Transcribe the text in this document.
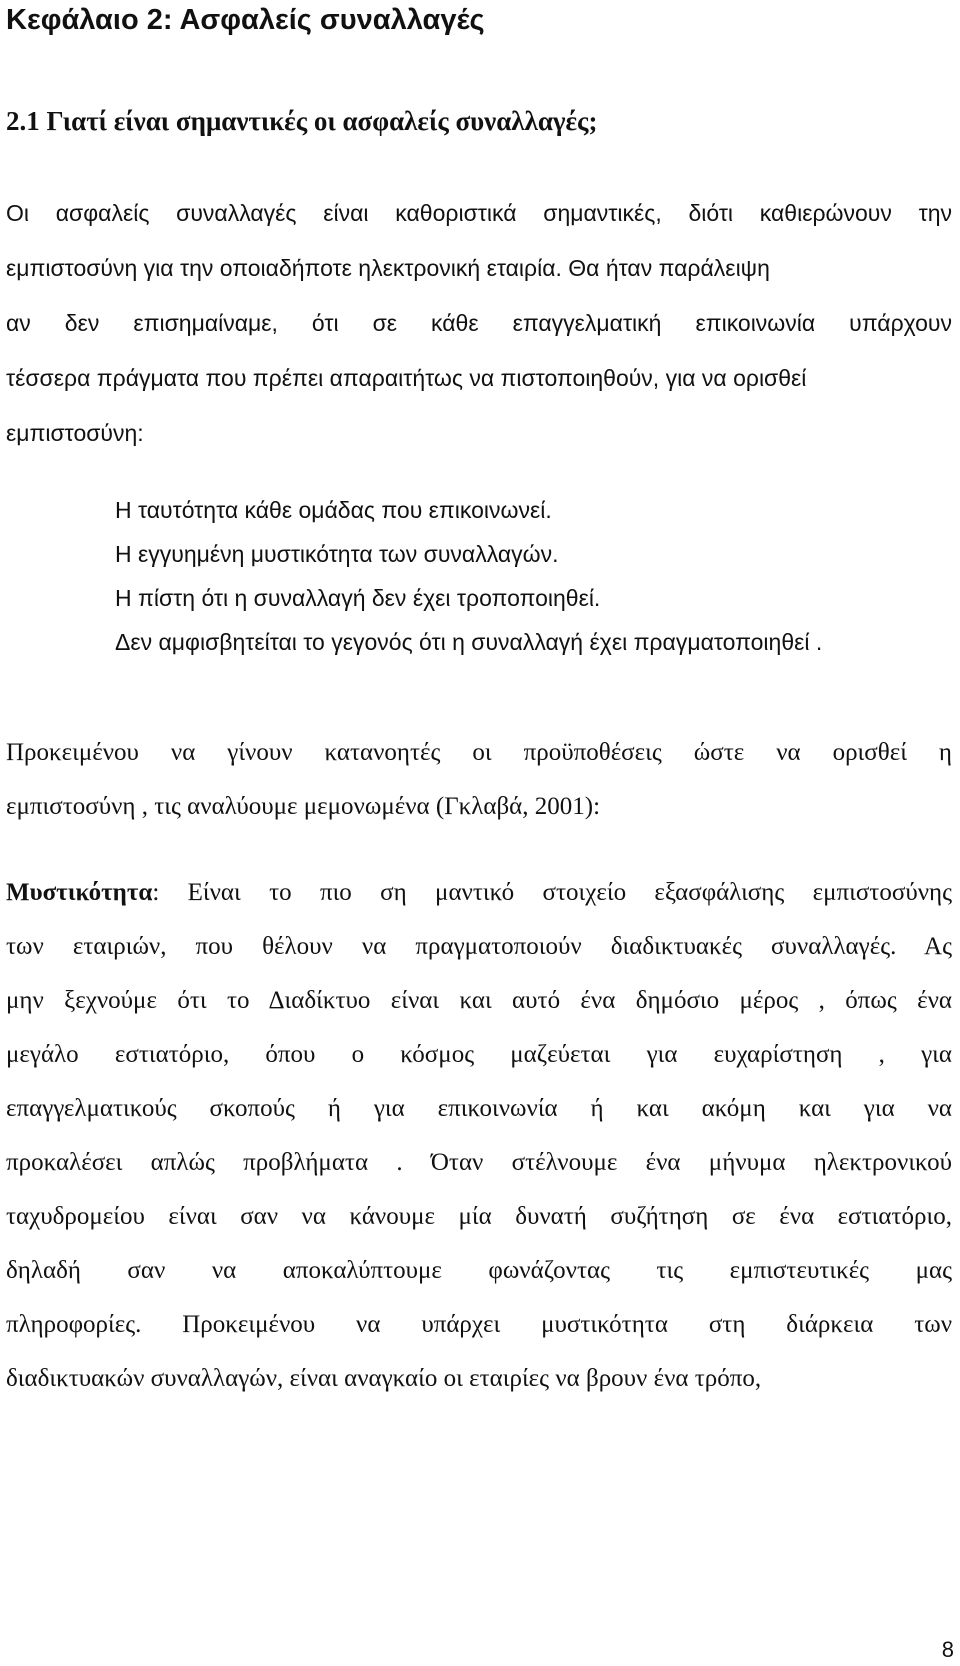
Κεφάλαιο 2: Ασφαλείς συναλλαγές
2.1 Γιατί είναι σημαντικές οι ασφαλείς συναλλαγές;
Οι ασφαλείς συναλλαγές είναι καθοριστικά σημαντικές, διότι καθιερώνουν την
εμπιστοσύνη για την οποιαδήποτε ηλεκτρονική εταιρία. Θα ήταν παράλειψη
αν δεν επισημαίναμε, ότι σε κάθε επαγγελματική επικοινωνία υπάρχουν
τέσσερα πράγματα που πρέπει απαραιτήτως να πιστοποιηθούν, για να ορισθεί
εμπιστοσύνη:
Η ταυτότητα κάθε ομάδας που επικοινωνεί.
Η εγγυημένη μυστικότητα των συναλλαγών.
Η πίστη ότι η συναλλαγή δεν έχει τροποποιηθεί.
Δεν αμφισβητείται το γεγονός ότι η συναλλαγή έχει πραγματοποιηθεί .
Προκειμένου να γίνουν κατανοητές οι προϋποθέσεις ώστε να ορισθεί η
εμπιστοσύνη , τις αναλύουμε μεμονωμένα (Γκλαβά, 2001):
Μυστικότητα: Είναι το πιο ση μαντικό στοιχείο εξασφάλισης εμπιστοσύνης
των εταιριών, που θέλουν να πραγματοποιούν διαδικτυακές συναλλαγές. Ας
μην ξεχνούμε ότι το Διαδίκτυο είναι και αυτό ένα δημόσιο μέρος , όπως ένα
μεγάλο εστιατόριο, όπου ο κόσμος μαζεύεται για ευχαρίστηση , για
επαγγελματικούς σκοπούς ή για επικοινωνία ή και ακόμη και για να
προκαλέσει απλώς προβλήματα . Όταν στέλνουμε ένα μήνυμα ηλεκτρονικού
ταχυδρομείου είναι σαν να κάνουμε μία δυνατή συζήτηση σε ένα εστιατόριο,
δηλαδή σαν να αποκαλύπτουμε φωνάζοντας τις εμπιστευτικές μας
πληροφορίες. Προκειμένου να υπάρχει μυστικότητα στη διάρκεια των
διαδικτυακών συναλλαγών, είναι αναγκαίο οι εταιρίες να βρουν ένα τρόπο,
8
